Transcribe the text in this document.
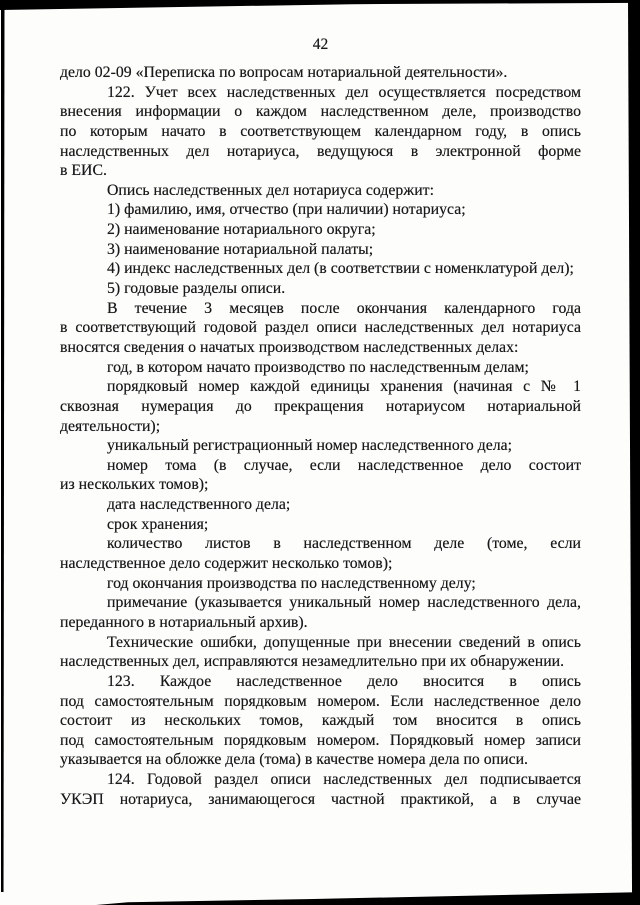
42
дело 02-09 «Переписка по вопросам нотариальной деятельности».
122. Учет всех наследственных дел осуществляется посредством
внесения информации о каждом наследственном деле, производство
по которым начато в соответствующем календарном году, в опись
наследственных дел нотариуса, ведущуюся в электронной форме
в ЕИС.
Опись наследственных дел нотариуса содержит:
1) фамилию, имя, отчество (при наличии) нотариуса;
2) наименование нотариального округа;
3) наименование нотариальной палаты;
4) индекс наследственных дел (в соответствии с номенклатурой дел);
5) годовые разделы описи.
В течение 3 месяцев после окончания календарного года
в соответствующий годовой раздел описи наследственных дел нотариуса
вносятся сведения о начатых производством наследственных делах:
год, в котором начато производство по наследственным делам;
порядковый номер каждой единицы хранения (начиная с № 1
сквозная нумерация до прекращения нотариусом нотариальной
деятельности);
уникальный регистрационный номер наследственного дела;
номер тома (в случае, если наследственное дело состоит
из нескольких томов);
дата наследственного дела;
срок хранения;
количество листов в наследственном деле (томе, если
наследственное дело содержит несколько томов);
год окончания производства по наследственному делу;
примечание (указывается уникальный номер наследственного дела,
переданного в нотариальный архив).
Технические ошибки, допущенные при внесении сведений в опись
наследственных дел, исправляются незамедлительно при их обнаружении.
123. Каждое наследственное дело вносится в опись
под самостоятельным порядковым номером. Если наследственное дело
состоит из нескольких томов, каждый том вносится в опись
под самостоятельным порядковым номером. Порядковый номер записи
указывается на обложке дела (тома) в качестве номера дела по описи.
124. Годовой раздел описи наследственных дел подписывается
УКЭП нотариуса, занимающегося частной практикой, а в случае
